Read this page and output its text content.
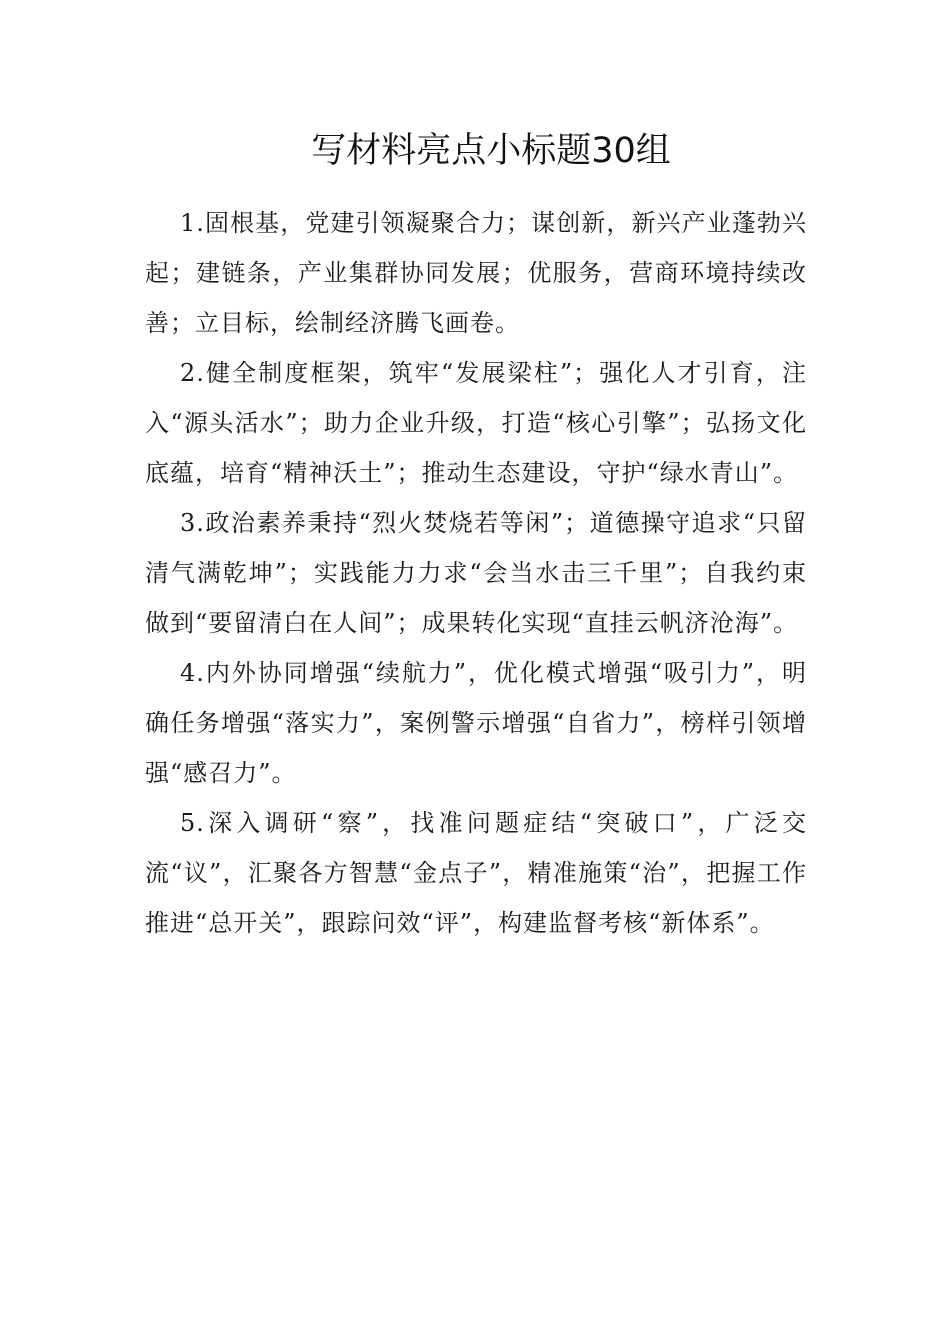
写材料亮点小标题30组

1.固根基，党建引领凝聚合力；谋创新，新兴产业蓬勃兴起；建链条，产业集群协同发展；优服务，营商环境持续改善；立目标，绘制经济腾飞画卷。

2.健全制度框架，筑牢“发展梁柱”；强化人才引育，注入“源头活水”；助力企业升级，打造“核心引擎”；弘扬文化底蕴，培育“精神沃土”；推动生态建设，守护“绿水青山”。

3.政治素养秉持“烈火焚烧若等闲”；道德操守追求“只留清气满乾坤”；实践能力力求“会当水击三千里”；自我约束做到“要留清白在人间”；成果转化实现“直挂云帆济沧海”。

4.内外协同增强“续航力”，优化模式增强“吸引力”，明确任务增强“落实力”，案例警示增强“自省力”，榜样引领增强“感召力”。

5.深入调研“察”，找准问题症结“突破口”，广泛交流“议”，汇聚各方智慧“金点子”，精准施策“治”，把握工作推进“总开关”，跟踪问效“评”，构建监督考核“新体系”。
